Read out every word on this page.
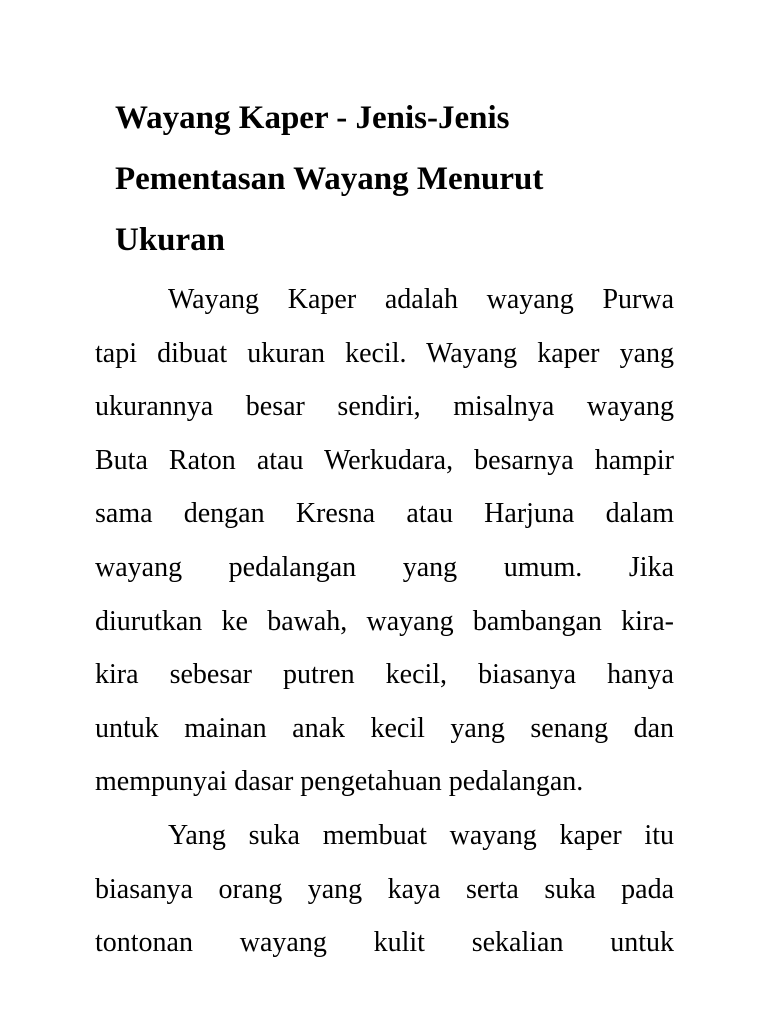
Wayang Kaper - Jenis-Jenis
Pementasan Wayang Menurut
Ukuran
Wayang Kaper adalah wayang Purwa
tapi dibuat ukuran kecil. Wayang kaper yang
ukurannya besar sendiri, misalnya wayang
Buta Raton atau Werkudara, besarnya hampir
sama dengan Kresna atau Harjuna dalam
wayang pedalangan yang umum. Jika
diurutkan ke bawah, wayang bambangan kira-
kira sebesar putren kecil, biasanya hanya
untuk mainan anak kecil yang senang dan
mempunyai dasar pengetahuan pedalangan.
Yang suka membuat wayang kaper itu
biasanya orang yang kaya serta suka pada
tontonan wayang kulit sekalian untuk
